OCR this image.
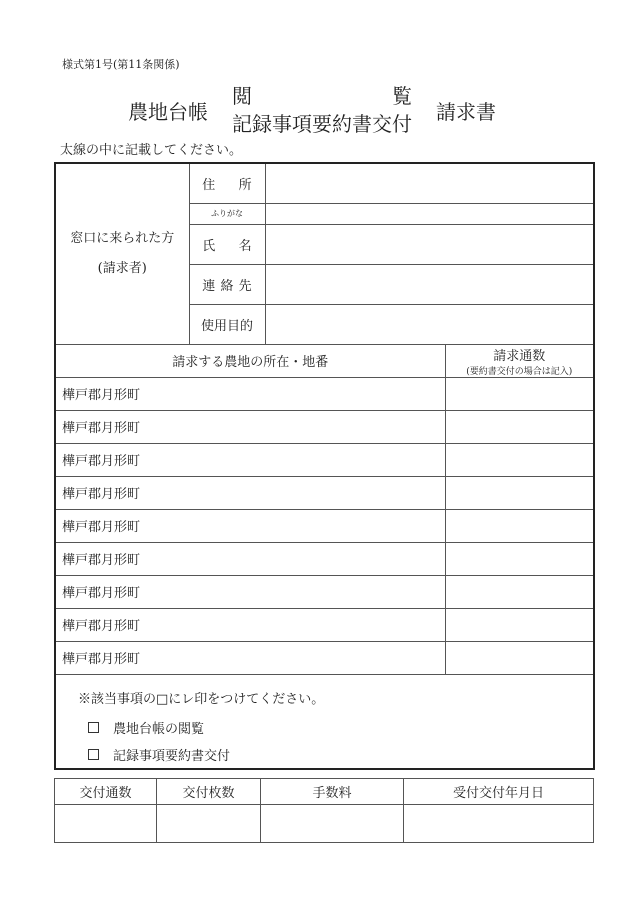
様式第1号(第11条関係)
農地台帳
閲	覧
記録事項要約書交付 請求書
太線の中に記載してください。
窓口に来られた方
(請求者)	住　所		
	ふりがな		
	氏　名		
	連絡先		
	使用目的		
請求する農地の所在・地番			請求通数
(要約書交付の場合は記入)

樺戸郡月形町			
樺戸郡月形町			
樺戸郡月形町			
樺戸郡月形町			
樺戸郡月形町			
樺戸郡月形町			
樺戸郡月形町			
樺戸郡月形町			
樺戸郡月形町			

※該当事項の□にレ印をつけてください。
農地台帳の閲覧
記録事項要約書交付
交付通数	交付枚数	手数料	受付交付年月日
